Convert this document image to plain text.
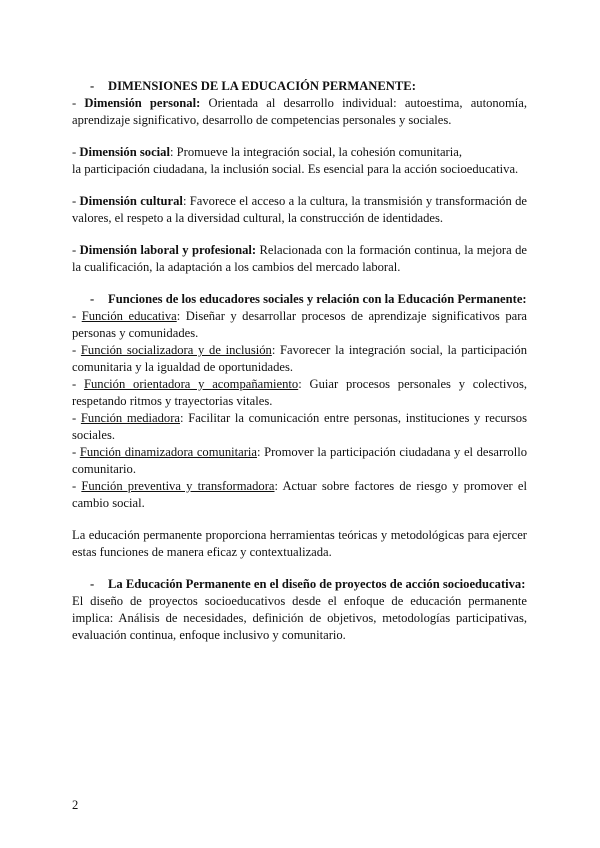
- DIMENSIONES DE LA EDUCACIÓN PERMANENTE:

- Dimensión personal: Orientada al desarrollo individual: autoestima, autonomía, aprendizaje significativo, desarrollo de competencias personales y sociales.

- Dimensión social: Promueve la integración social, la cohesión comunitaria,
la participación ciudadana, la inclusión social. Es esencial para la acción socioeducativa.

- Dimensión cultural: Favorece el acceso a la cultura, la transmisión y transformación de valores, el respeto a la diversidad cultural, la construcción de identidades.

- Dimensión laboral y profesional: Relacionada con la formación continua, la mejora de la cualificación, la adaptación a los cambios del mercado laboral.

- Funciones de los educadores sociales y relación con la Educación Permanente:

- Función educativa: Diseñar y desarrollar procesos de aprendizaje significativos para personas y comunidades.

- Función socializadora y de inclusión: Favorecer la integración social, la participación comunitaria y la igualdad de oportunidades.

- Función orientadora y acompañamiento: Guiar procesos personales y colectivos, respetando ritmos y trayectorias vitales.

- Función mediadora: Facilitar la comunicación entre personas, instituciones y recursos sociales.

- Función dinamizadora comunitaria: Promover la participación ciudadana y el desarrollo comunitario.

- Función preventiva y transformadora: Actuar sobre factores de riesgo y promover el cambio social.

La educación permanente proporciona herramientas teóricas y metodológicas para ejercer estas funciones de manera eficaz y contextualizada.

- La Educación Permanente en el diseño de proyectos de acción socioeducativa:

El diseño de proyectos socioeducativos desde el enfoque de educación permanente implica: Análisis de necesidades, definición de objetivos, metodologías participativas, evaluación continua, enfoque inclusivo y comunitario.

2
